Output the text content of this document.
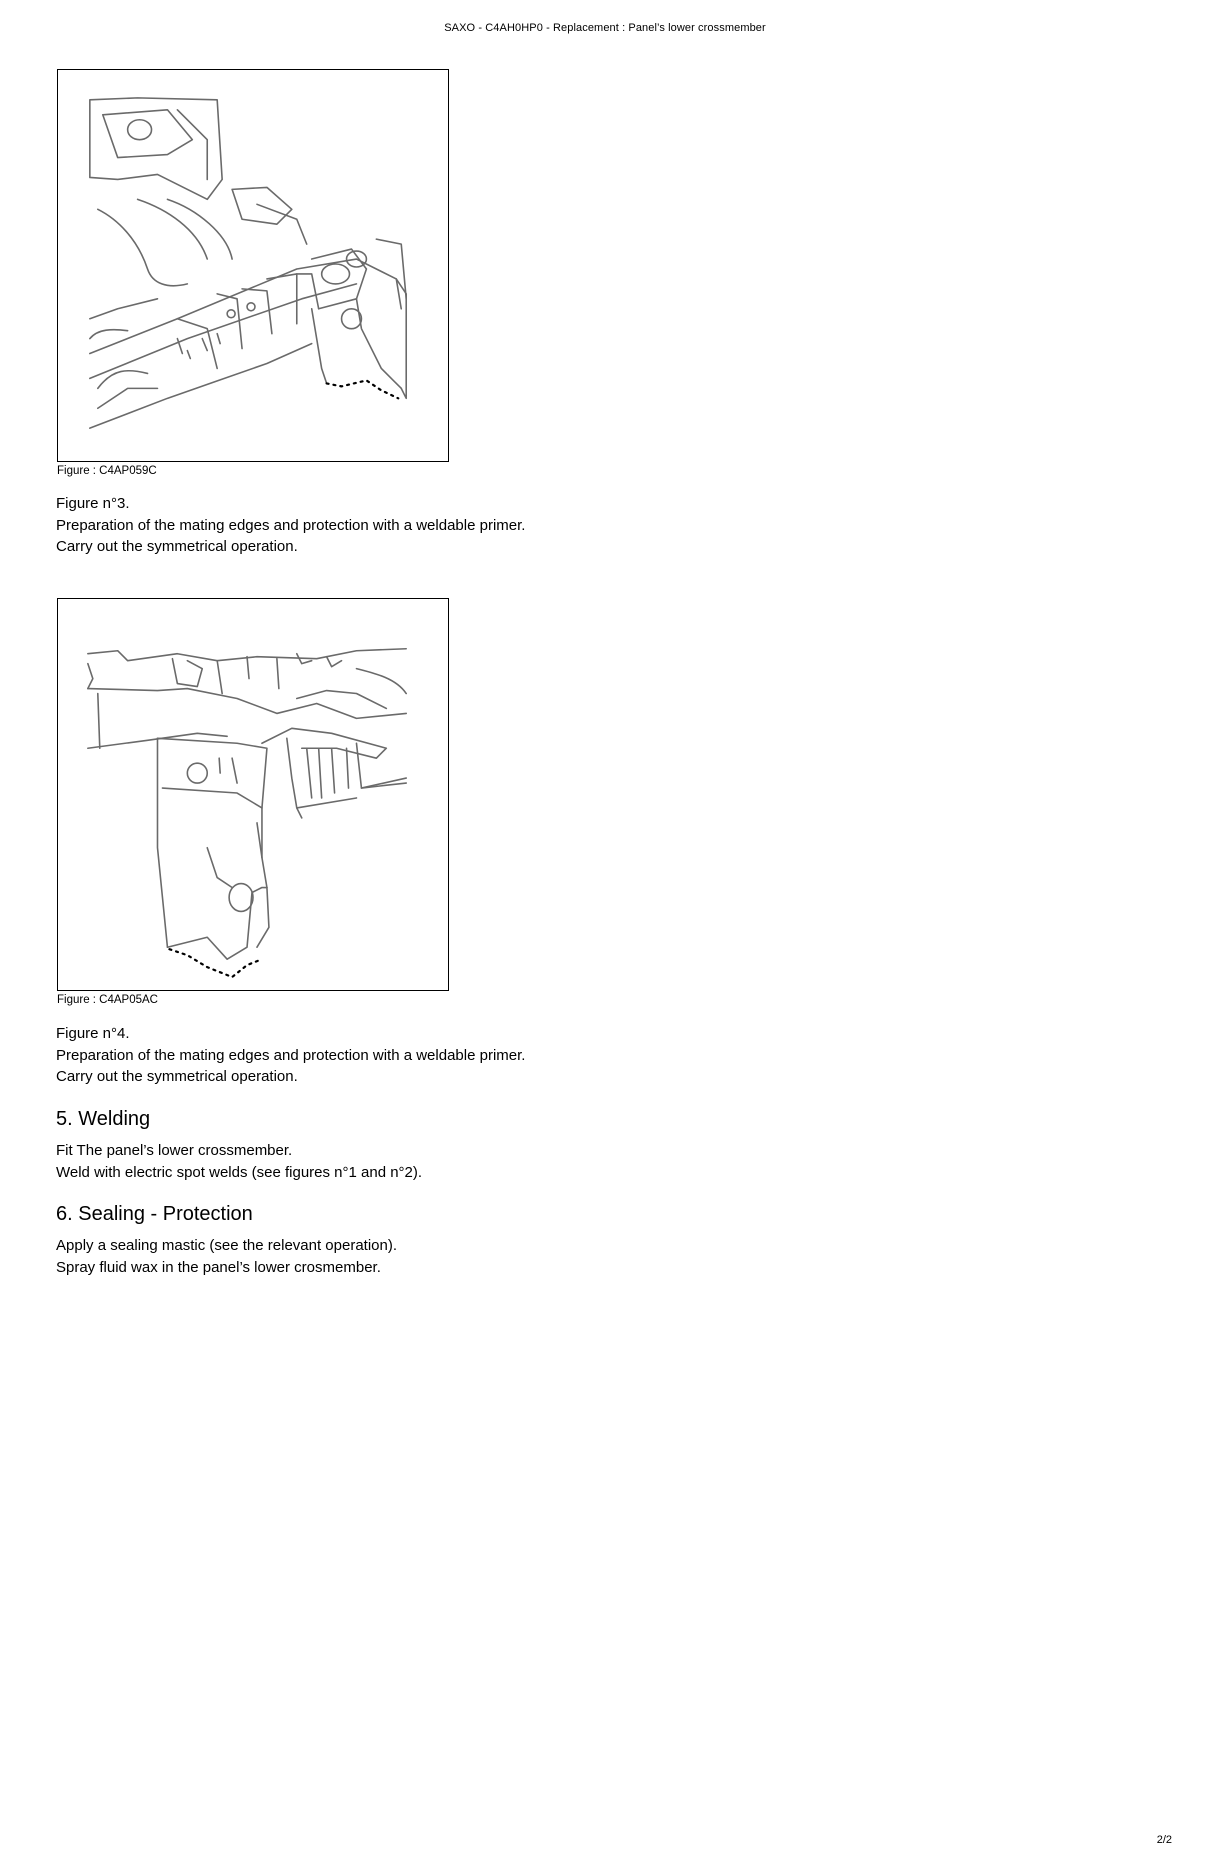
SAXO - C4AH0HP0 - Replacement : Panel’s lower crossmember
Figure : C4AP059C

Figure n°3.

Preparation of the mating edges and protection with a weldable primer.

Carry out the symmetrical operation.

Figure : C4AP05AC

Figure n°4.

Preparation of the mating edges and protection with a weldable primer.

Carry out the symmetrical operation.

5. Welding

Fit The panel’s lower crossmember.

Weld with electric spot welds (see figures n°1 and n°2).

6. Sealing - Protection

Apply a sealing mastic (see the relevant operation).

Spray fluid wax in the panel’s lower crosmember.

2/2
